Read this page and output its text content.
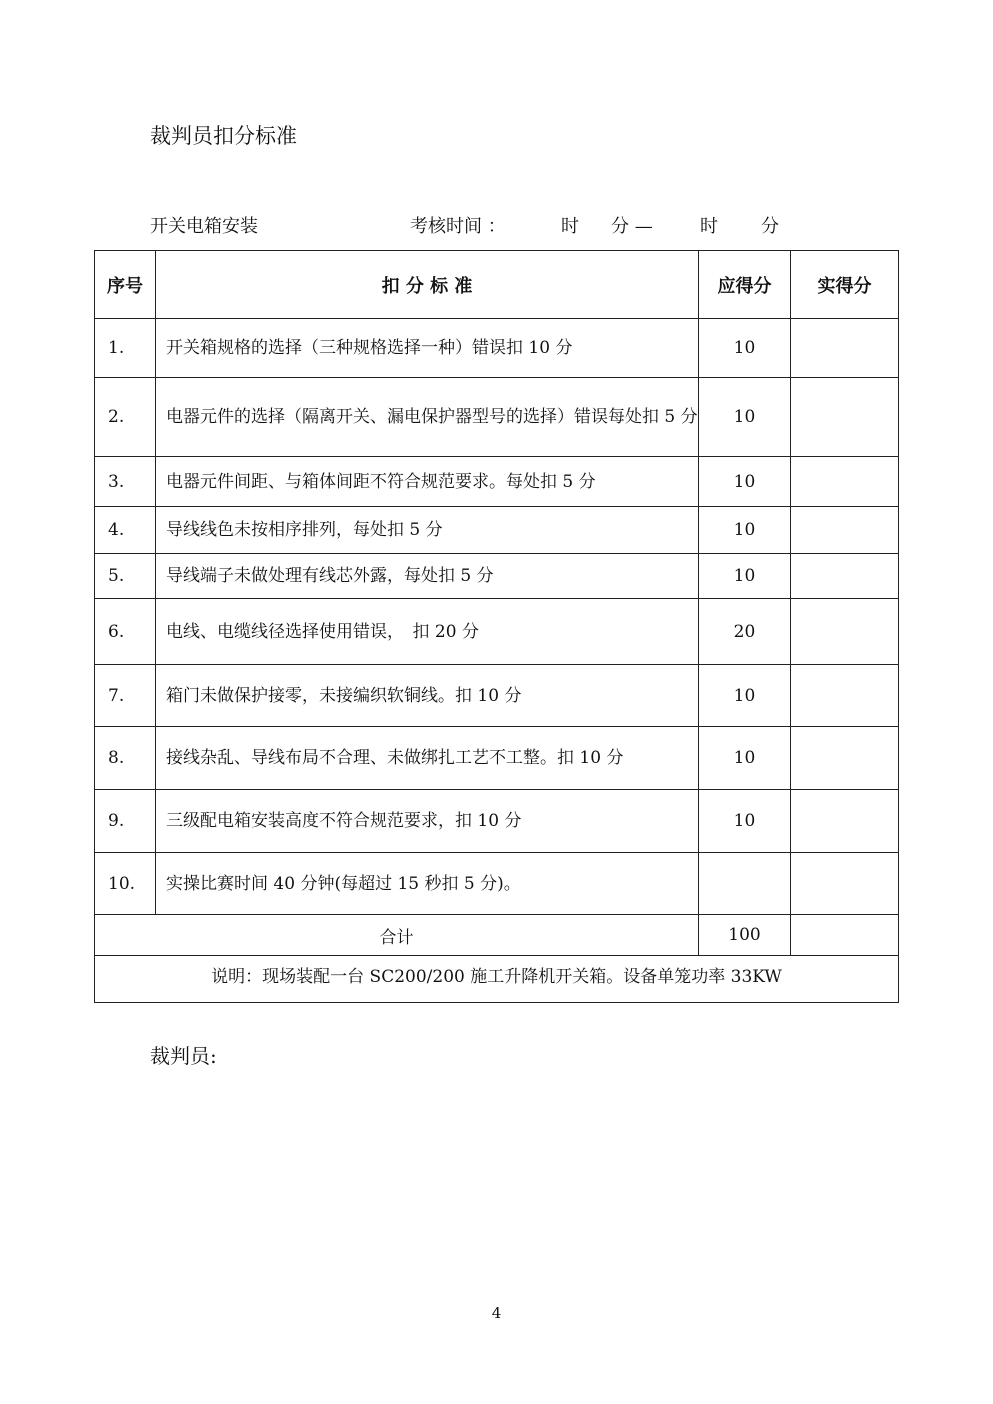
裁判员扣分标准
开关电箱安装	考核时间 ：	时 分 —	时 分
序号	扣 分 标 准	应得分	实得分
1.	开关箱规格的选择（三种规格选择一种）错误扣 10 分	10	
2.	电器元件的选择（隔离开关、漏电保护器型号的选择）错误每处扣 5 分	10	
3.	电器元件间距、与箱体间距不符合规范要求。每处扣 5 分	10	
4.	导线线色未按相序排列，每处扣 5 分	10	
5.	导线端子未做处理有线芯外露，每处扣 5 分	10	
6.	电线、电缆线径选择使用错误，　扣 20 分	20	
7.	箱门未做保护接零，未接编织软铜线。扣 10 分	10	
8.	接线杂乱、导线布局不合理、未做绑扎工艺不工整。扣 10 分	10	
9.	三级配电箱安装高度不符合规范要求，扣 10 分	10	
10.	实操比赛时间 40 分钟(每超过 15 秒扣 5 分)。		
合计		100	
说明：现场装配一台 SC200/200 施工升降机开关箱。设备单笼功率 33KW			
裁判员:
4
